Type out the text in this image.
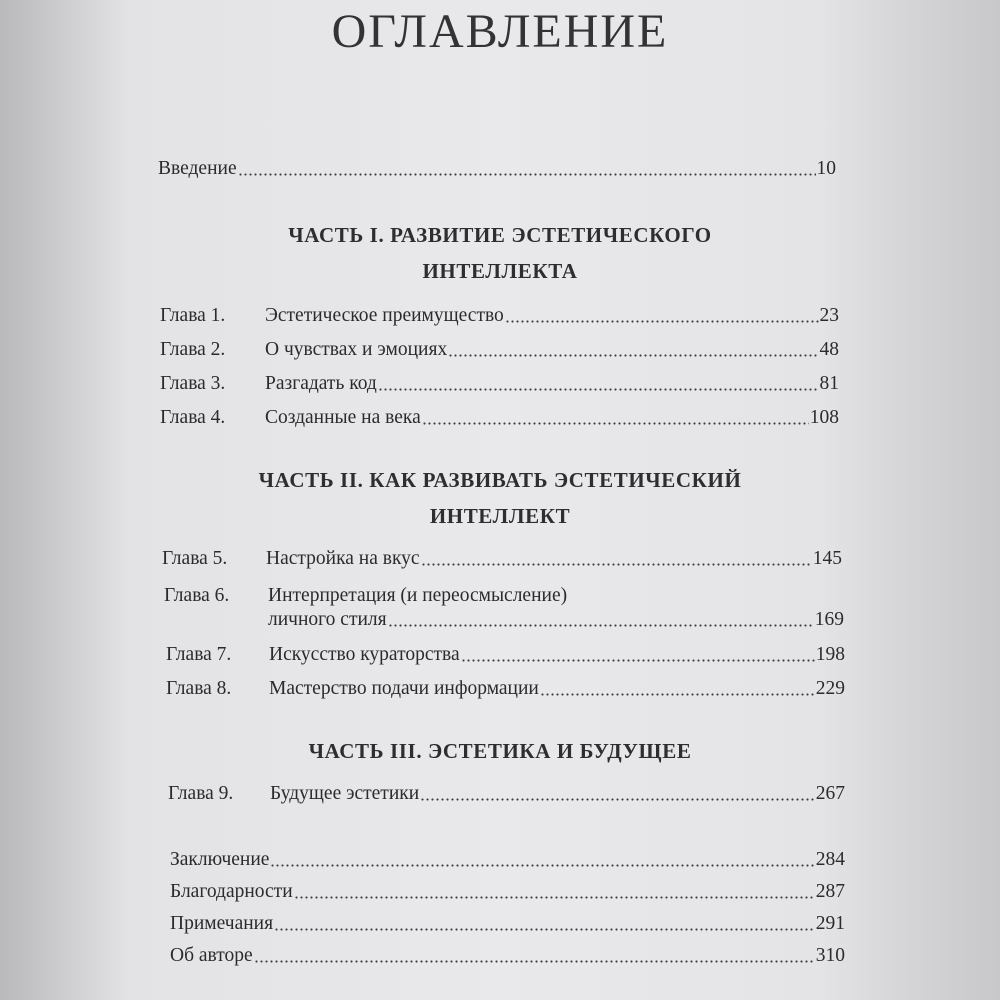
ОГЛАВЛЕНИЕ
Введение	10
ЧАСТЬ I. РАЗВИТИЕ ЭСТЕТИЧЕСКОГО
ИНТЕЛЛЕКТА
Глава 1. Эстетическое преимущество	23
Глава 2. О чувствах и эмоциях	48
Глава 3. Разгадать код	81
Глава 4. Созданные на века	108
ЧАСТЬ II. КАК РАЗВИВАТЬ ЭСТЕТИЧЕСКИЙ
ИНТЕЛЛЕКТ
Глава 5. Настройка на вкус	145
Глава 6. Интерпретация (и переосмысление)
личного стиля	169
Глава 7. Искусство кураторства	198
Глава 8. Мастерство подачи информации	229
ЧАСТЬ III. ЭСТЕТИКА И БУДУЩЕЕ
Глава 9. Будущее эстетики	267
Заключение	284
Благодарности	287
Примечания	291
Об авторе	310
